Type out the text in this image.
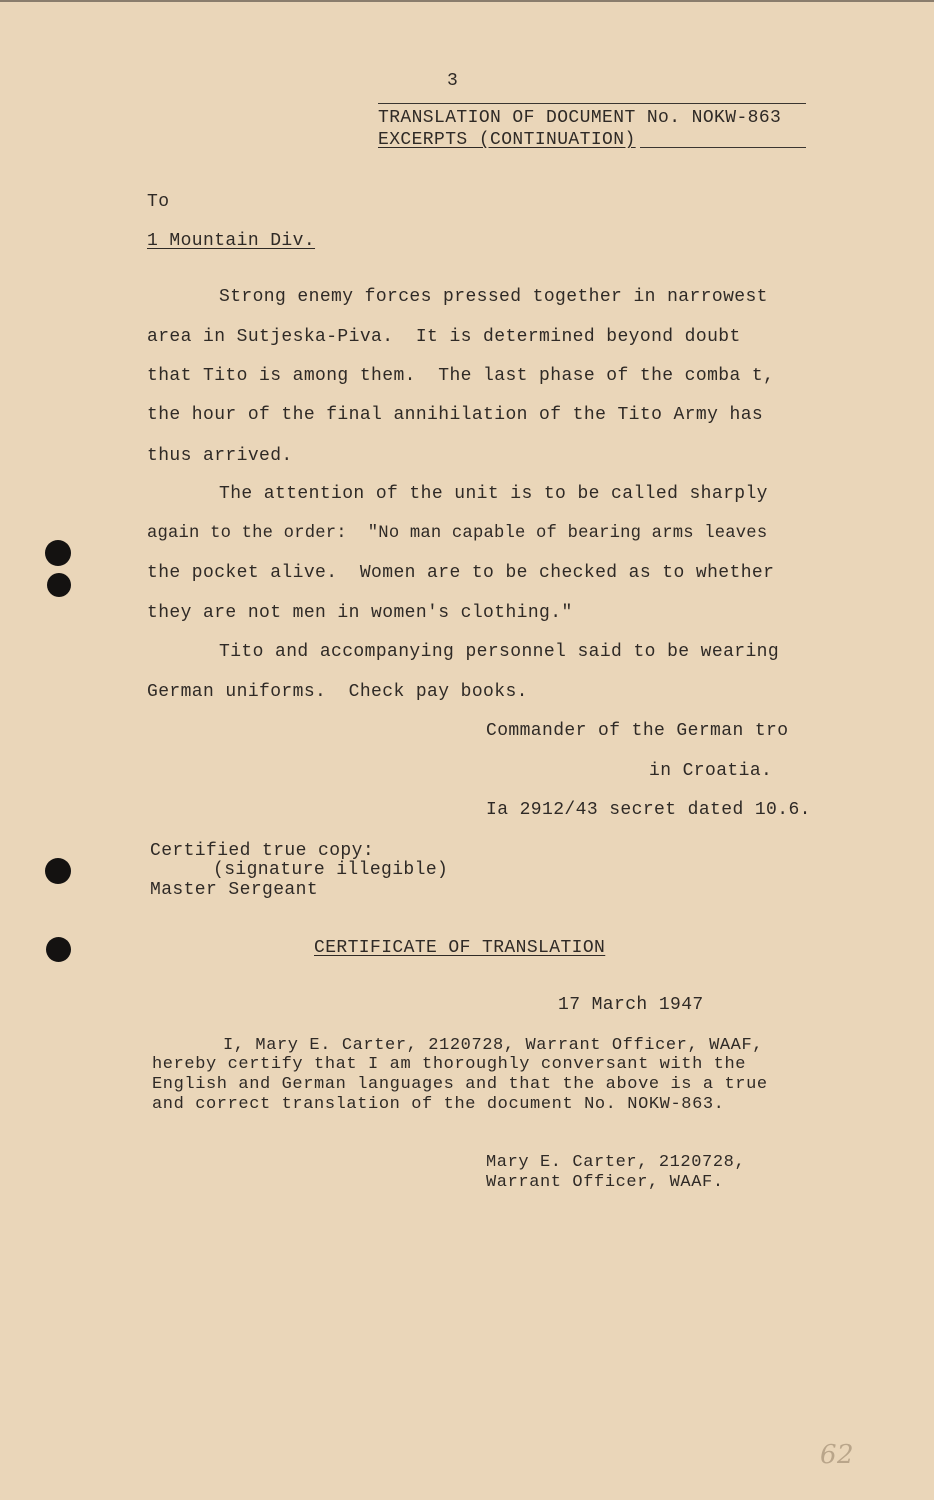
3
TRANSLATION OF DOCUMENT No. NOKW-863
EXCERPTS (CONTINUATION)
To
1 Mountain Div.
Strong enemy forces pressed together in narrowest
area in Sutjeska-Piva.  It is determined beyond doubt
that Tito is among them.  The last phase of the comba t,
the hour of the final annihilation of the Tito Army has
thus arrived.
The attention of the unit is to be called sharply
again to the order:  "No man capable of bearing arms leaves
the pocket alive.  Women are to be checked as to whether
they are not men in women's clothing."
Tito and accompanying personnel said to be wearing
German uniforms.  Check pay books.
Commander of the German tro
in Croatia.
Ia 2912/43 secret dated 10.6.
Certified true copy:
(signature illegible)
Master Sergeant
CERTIFICATE OF TRANSLATION
17 March 1947
I, Mary E. Carter, 2120728, Warrant Officer, WAAF,
hereby certify that I am thoroughly conversant with the
English and German languages and that the above is a true
and correct translation of the document No. NOKW-863.
Mary E. Carter, 2120728,
Warrant Officer, WAAF.
62
